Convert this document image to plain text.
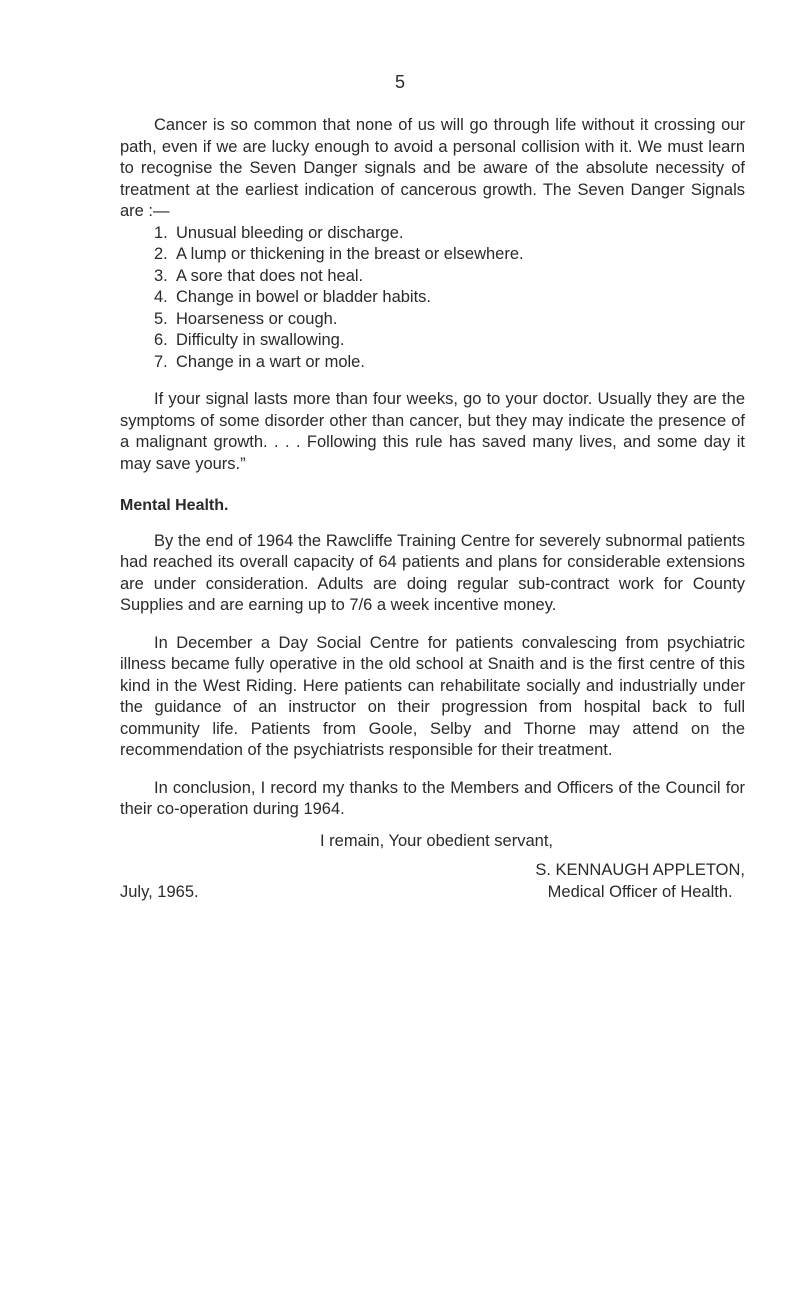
5

Cancer is so common that none of us will go through life without it crossing our path, even if we are lucky enough to avoid a personal collision with it. We must learn to recognise the Seven Danger signals and be aware of the absolute necessity of treatment at the earliest indication of cancerous growth. The Seven Danger Signals are :—

1. Unusual bleeding or discharge.
2. A lump or thickening in the breast or elsewhere.
3. A sore that does not heal.
4. Change in bowel or bladder habits.
5. Hoarseness or cough.
6. Difficulty in swallowing.
7. Change in a wart or mole.

If your signal lasts more than four weeks, go to your doctor. Usually they are the symptoms of some disorder other than cancer, but they may indicate the presence of a malignant growth. . . . Following this rule has saved many lives, and some day it may save yours.”

Mental Health.

By the end of 1964 the Rawcliffe Training Centre for severely subnormal patients had reached its overall capacity of 64 patients and plans for considerable extensions are under consideration. Adults are doing regular sub-contract work for County Supplies and are earning up to 7/6 a week incentive money.

In December a Day Social Centre for patients convalescing from psychiatric illness became fully operative in the old school at Snaith and is the first centre of this kind in the West Riding. Here patients can rehabilitate socially and industrially under the guidance of an instructor on their progression from hospital back to full community life. Patients from Goole, Selby and Thorne may attend on the recommendation of the psychiatrists responsible for their treatment.

In conclusion, I record my thanks to the Members and Officers of the Council for their co-operation during 1964.

I remain, Your obedient servant,
July, 1965.
S. KENNAUGH APPLETON,
Medical Officer of Health.
